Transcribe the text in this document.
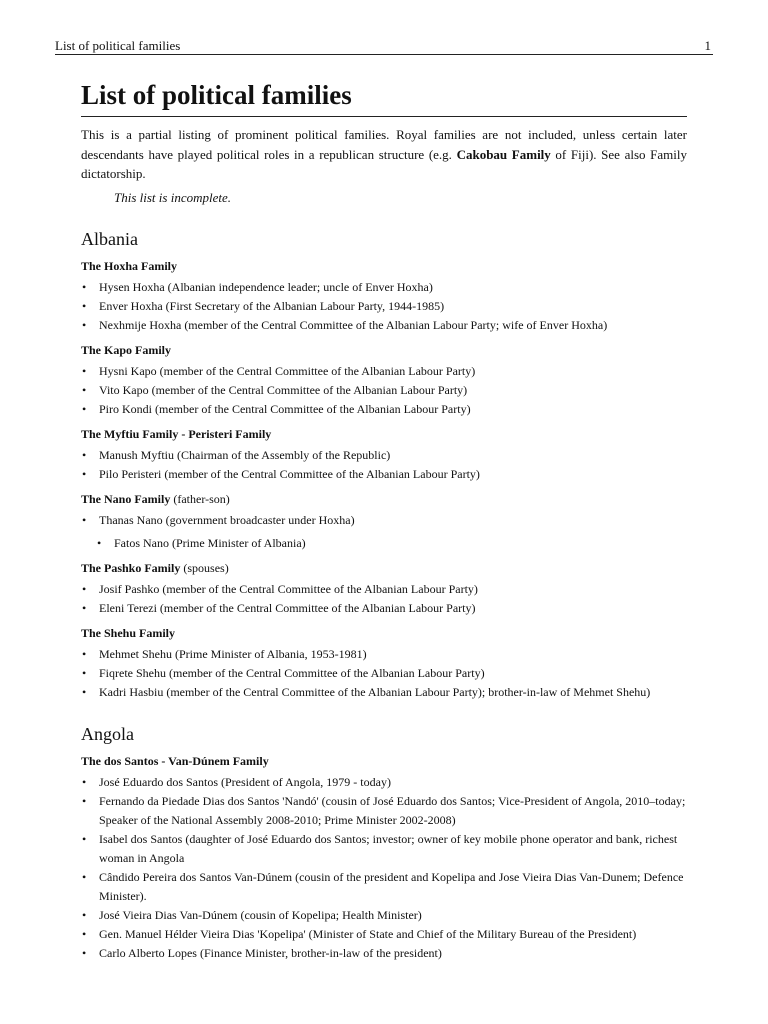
List of political families	1
List of political families

This is a partial listing of prominent political families. Royal families are not included, unless certain later descendants have played political roles in a republican structure (e.g. Cakobau Family of Fiji). See also Family dictatorship.

This list is incomplete.
Albania
The Hoxha Family
• Hysen Hoxha (Albanian independence leader; uncle of Enver Hoxha)
• Enver Hoxha (First Secretary of the Albanian Labour Party, 1944-1985)
• Nexhmije Hoxha (member of the Central Committee of the Albanian Labour Party; wife of Enver Hoxha)
The Kapo Family
• Hysni Kapo (member of the Central Committee of the Albanian Labour Party)
• Vito Kapo (member of the Central Committee of the Albanian Labour Party)
• Piro Kondi (member of the Central Committee of the Albanian Labour Party)
The Myftiu Family - Peristeri Family
• Manush Myftiu (Chairman of the Assembly of the Republic)
• Pilo Peristeri (member of the Central Committee of the Albanian Labour Party)
The Nano Family (father-son)
• Thanas Nano (government broadcaster under Hoxha)
• Fatos Nano (Prime Minister of Albania)
The Pashko Family (spouses)
• Josif Pashko (member of the Central Committee of the Albanian Labour Party)
• Eleni Terezi (member of the Central Committee of the Albanian Labour Party)
The Shehu Family
• Mehmet Shehu (Prime Minister of Albania, 1953-1981)
• Fiqrete Shehu (member of the Central Committee of the Albanian Labour Party)
• Kadri Hasbiu (member of the Central Committee of the Albanian Labour Party); brother-in-law of Mehmet Shehu)
Angola
The dos Santos - Van-Dúnem Family
• José Eduardo dos Santos (President of Angola, 1979 - today)
• Fernando da Piedade Dias dos Santos 'Nandó' (cousin of José Eduardo dos Santos; Vice-President of Angola, 2010–today; Speaker of the National Assembly 2008-2010; Prime Minister 2002-2008)
• Isabel dos Santos (daughter of José Eduardo dos Santos; investor; owner of key mobile phone operator and bank, richest woman in Angola
• Cândido Pereira dos Santos Van-Dúnem (cousin of the president and Kopelipa and Jose Vieira Dias Van-Dunem; Defence Minister).
• José Vieira Dias Van-Dúnem (cousin of Kopelipa; Health Minister)
• Gen. Manuel Hélder Vieira Dias 'Kopelipa' (Minister of State and Chief of the Military Bureau of the President)
• Carlo Alberto Lopes (Finance Minister, brother-in-law of the president)
